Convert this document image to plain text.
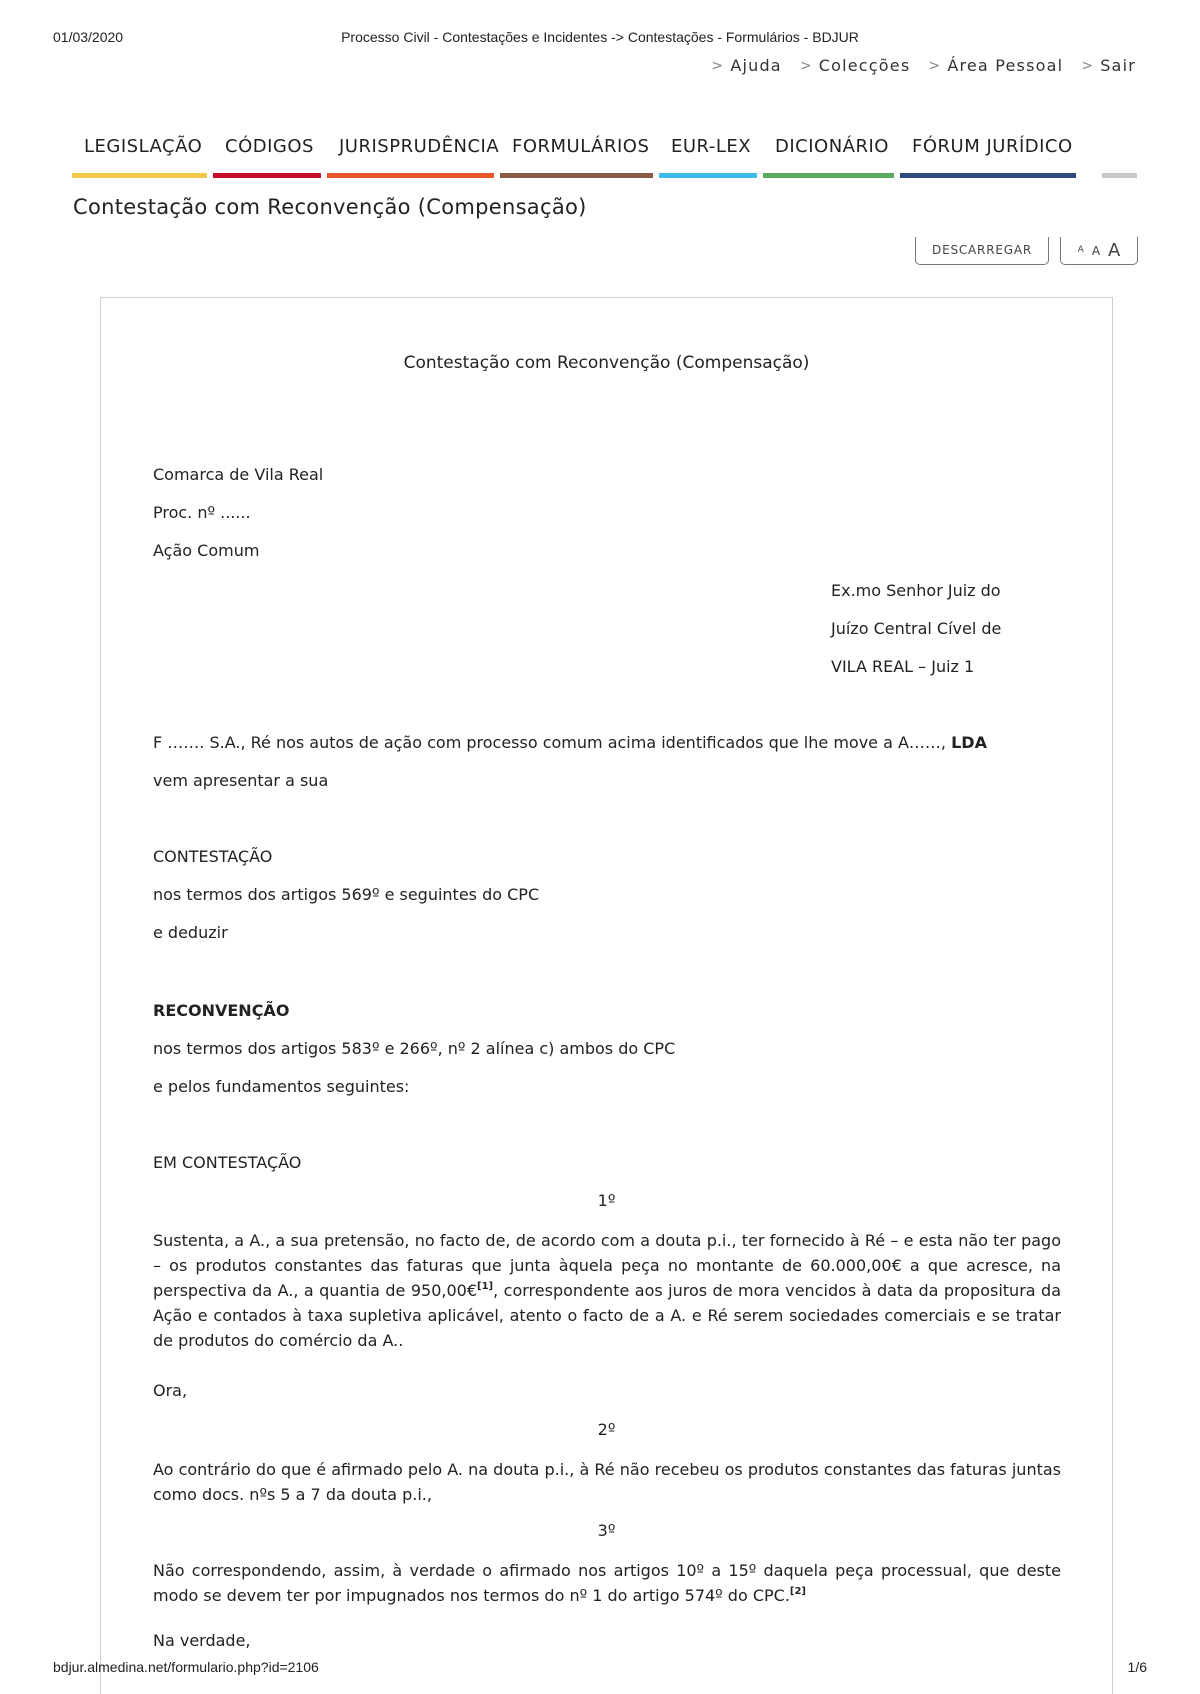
01/03/2020	Processo Civil - Contestações e Incidentes -> Contestações - Formulários - BDJUR
> Ajuda > Colecções > Área Pessoal > Sair
LEGISLAÇÃO CÓDIGOS JURISPRUDÊNCIA FORMULÁRIOS EUR-LEX DICIONÁRIO FÓRUM JURÍDICO
Contestação com Reconvenção (Compensação)
DESCARREGAR	A A A
Contestação com Reconvenção (Compensação)
Comarca de Vila Real
Proc. nº ......
Ação Comum
Ex.mo Senhor Juiz do
Juízo Central Cível de
VILA REAL – Juiz 1
F ……. S.A., Ré nos autos de ação com processo comum acima identificados que lhe move a A……, LDA
vem apresentar a sua
CONTESTAÇÃO
nos termos dos artigos 569º e seguintes do CPC
e deduzir
RECONVENÇÃO
nos termos dos artigos 583º e 266º, nº 2 alínea c) ambos do CPC
e pelos fundamentos seguintes:
EM CONTESTAÇÃO
1º
Sustenta, a A., a sua pretensão, no facto de, de acordo com a douta p.i., ter fornecido à Ré – e esta não ter pago – os produtos constantes das faturas que junta àquela peça no montante de 60.000,00€ a que acresce, na perspectiva da A., a quantia de 950,00€[1], correspondente aos juros de mora vencidos à data da propositura da Ação e contados à taxa supletiva aplicável, atento o facto de a A. e Ré serem sociedades comerciais e se tratar de produtos do comércio da A..
Ora,
2º
Ao contrário do que é afirmado pelo A. na douta p.i., à Ré não recebeu os produtos constantes das faturas juntas como docs. nºs 5 a 7 da douta p.i.,
3º
Não correspondendo, assim, à verdade o afirmado nos artigos 10º a 15º daquela peça processual, que deste modo se devem ter por impugnados nos termos do nº 1 do artigo 574º do CPC.[2]
Na verdade,
bdjur.almedina.net/formulario.php?id=2106	1/6
